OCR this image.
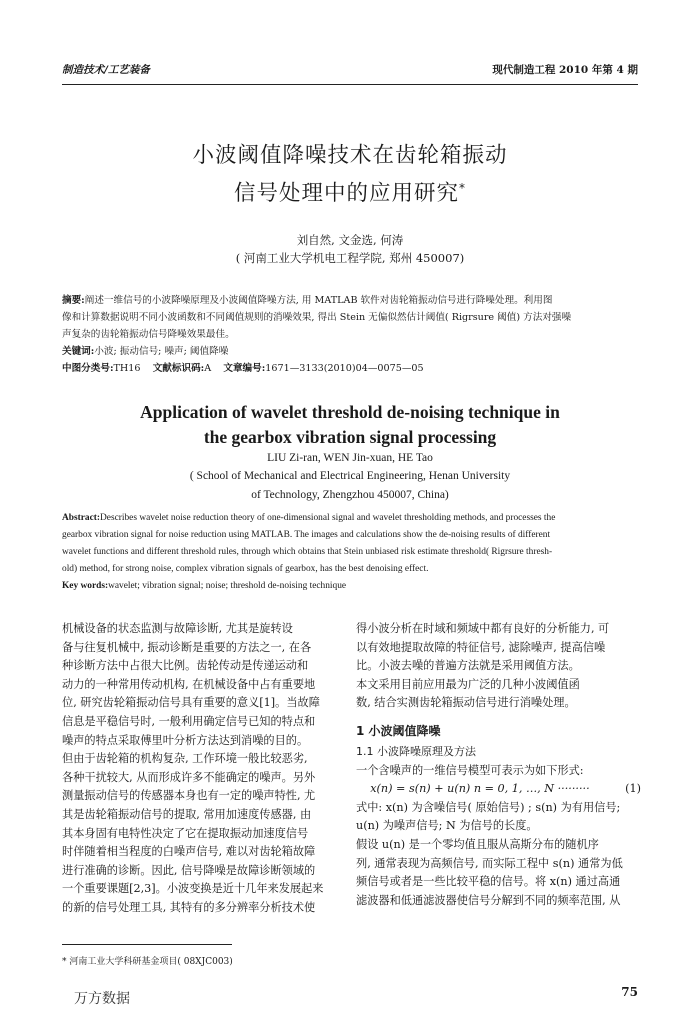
制造技术/工艺装备	现代制造工程 2010 年第 4 期
小波阈值降噪技术在齿轮箱振动
信号处理中的应用研究*
刘自然, 文金选, 何涛
( 河南工业大学机电工程学院, 郑州 450007)
摘要:阐述一维信号的小波降噪原理及小波阈值降噪方法, 用 MATLAB 软件对齿轮箱振动信号进行降噪处理。利用图
像和计算数据说明不同小波函数和不同阈值规则的消噪效果, 得出 Stein 无偏似然估计阈值( Rigrsure 阈值) 方法对强噪
声复杂的齿轮箱振动信号降噪效果最佳。
关键词:小波; 振动信号; 噪声; 阈值降噪
中图分类号:TH16 文献标识码:A 文章编号:1671—3133(2010)04—0075—05
Application of wavelet threshold de-noising technique in
the gearbox vibration signal processing
LIU Zi-ran, WEN Jin-xuan, HE Tao
( School of Mechanical and Electrical Engineering, Henan University
of Technology, Zhengzhou 450007, China)
Abstract:Describes wavelet noise reduction theory of one-dimensional signal and wavelet thresholding methods, and processes the
gearbox vibration signal for noise reduction using MATLAB. The images and calculations show the de-noising results of different
wavelet functions and different threshold rules, through which obtains that Stein unbiased risk estimate threshold( Rigrsure thresh-
old) method, for strong noise, complex vibration signals of gearbox, has the best denoising effect.
Key words:wavelet; vibration signal; noise; threshold de-noising technique
机械设备的状态监测与故障诊断, 尤其是旋转设
备与往复机械中, 振动诊断是重要的方法之一, 在各
种诊断方法中占很大比例。齿轮传动是传递运动和
动力的一种常用传动机构, 在机械设备中占有重要地
位, 研究齿轮箱振动信号具有重要的意义[1]。当故障
信息是平稳信号时, 一般利用确定信号已知的特点和
噪声的特点采取傅里叶分析方法达到消噪的目的。
但由于齿轮箱的机构复杂, 工作环境一般比较恶劣,
各种干扰较大, 从而形成许多不能确定的噪声。另外
测量振动信号的传感器本身也有一定的噪声特性, 尤
其是齿轮箱振动信号的提取, 常用加速度传感器, 由
其本身固有电特性决定了它在提取振动加速度信号
时伴随着相当程度的白噪声信号, 难以对齿轮箱故障
进行准确的诊断。因此, 信号降噪是故障诊断领域的
一个重要课题[2,3]。小波变换是近十几年来发展起来
的新的信号处理工具, 其特有的多分辨率分析技术使
得小波分析在时域和频域中都有良好的分析能力, 可
以有效地提取故障的特征信号, 滤除噪声, 提高信噪
比。小波去噪的普遍方法就是采用阈值方法。
本文采用目前应用最为广泛的几种小波阈值函
数, 结合实测齿轮箱振动信号进行消噪处理。
1 小波阈值降噪
1.1 小波降噪原理及方法
一个含噪声的一维信号模型可表示为如下形式:
x(n) = s(n) + u(n) n = 0, 1, …, N ·········	(1)
式中: x(n) 为含噪信号( 原始信号) ; s(n) 为有用信号;
u(n) 为噪声信号; N 为信号的长度。
假设 u(n) 是一个零均值且服从高斯分布的随机序
列, 通常表现为高频信号, 而实际工程中 s(n) 通常为低
频信号或者是一些比较平稳的信号。将 x(n) 通过高通
滤波器和低通滤波器使信号分解到不同的频率范围, 从
* 河南工业大学科研基金项目( 08XJC003)
万方数据	75
